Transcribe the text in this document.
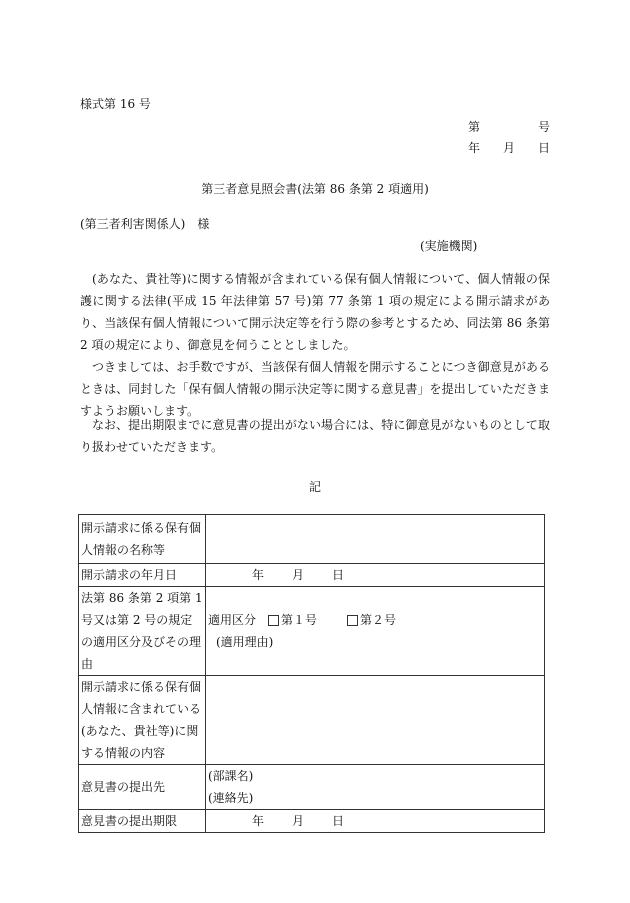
様式第 16 号
第	号
年 月 日
第三者意見照会書(法第 86 条第 2 項適用)
(第三者利害関係人)　様
(実施機関)
(あなた、貴社等)に関する情報が含まれている保有個人情報について、個人情報の保護に関する法律(平成 15 年法律第 57 号)第 77 条第 1 項の規定による開示請求があり、当該保有個人情報について開示決定等を行う際の参考とするため、同法第 86 条第 2 項の規定により、御意見を伺うこととしました。
つきましては、お手数ですが、当該保有個人情報を開示することにつき御意見があるときは、同封した「保有個人情報の開示決定等に関する意見書」を提出していただきますようお願いします。
なお、提出期限までに意見書の提出がない場合には、特に御意見がないものとして取り扱わせていただきます。
記
開示請求に係る保有個人情報の名称等	
開示請求の年月日	年 月 日

法第 86 条第 2 項第 1 号又は第 2 号の規定の適用区分及びその理由	適用区分 第１号 第２号
(適用理由)

開示請求に係る保有個人情報に含まれている(あなた、貴社等)に関する情報の内容	
意見書の提出先	(部課名)
(連絡先)

意見書の提出期限	年 月 日
